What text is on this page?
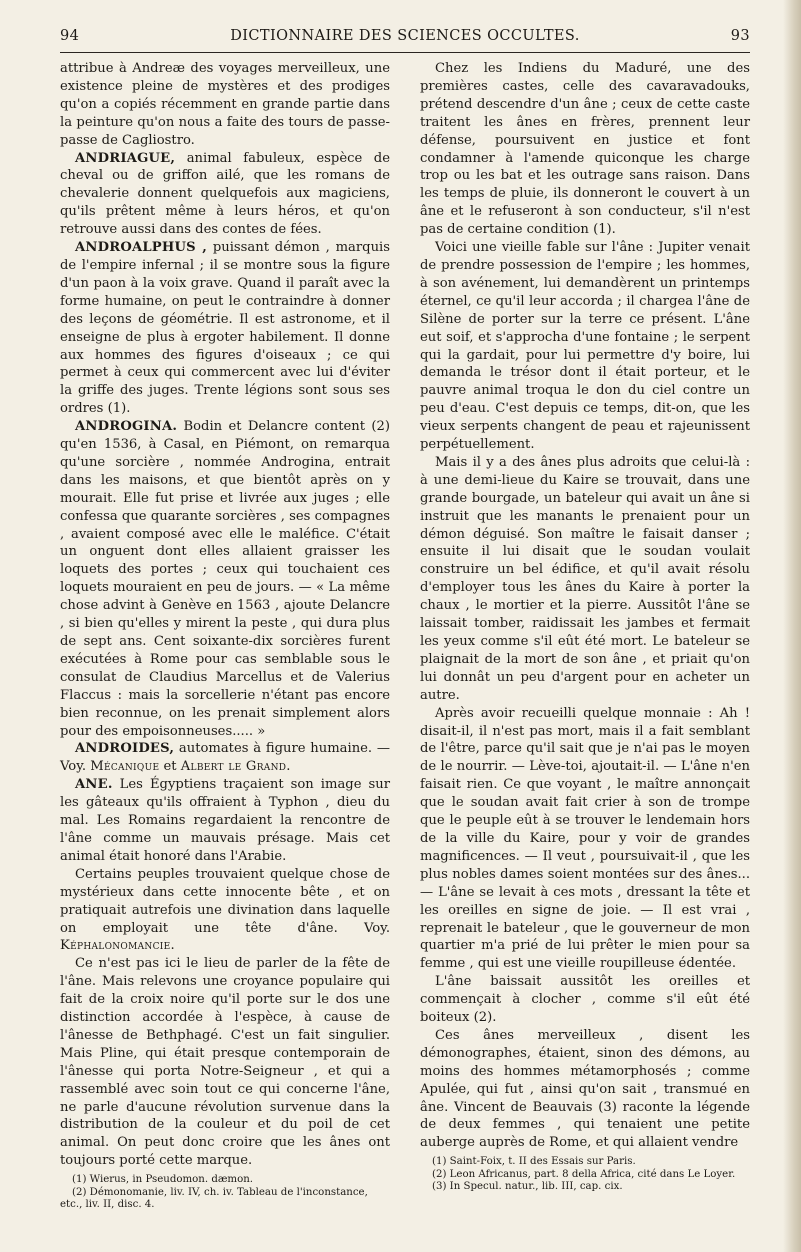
94	DICTIONNAIRE DES SCIENCES OCCULTES.	93

attribue à Andreæ des voyages merveilleux, une existence pleine de mystères et des prodiges qu'on a copiés récemment en grande partie dans la peinture qu'on nous a faite des tours de passe-passe de Cagliostro.

ANDRIAGUE, animal fabuleux, espèce de cheval ou de griffon ailé, que les romans de chevalerie donnent quelquefois aux magiciens, qu'ils prêtent même à leurs héros, et qu'on retrouve aussi dans des contes de fées.

ANDROALPHUS , puissant démon , marquis de l'empire infernal ; il se montre sous la figure d'un paon à la voix grave. Quand il paraît avec la forme humaine, on peut le contraindre à donner des leçons de géométrie. Il est astronome, et il enseigne de plus à ergoter habilement. Il donne aux hommes des figures d'oiseaux ; ce qui permet à ceux qui commercent avec lui d'éviter la griffe des juges. Trente légions sont sous ses ordres (1).

ANDROGINA. Bodin et Delancre content (2) qu'en 1536, à Casal, en Piémont, on remarqua qu'une sorcière , nommée Androgina, entrait dans les maisons, et que bientôt après on y mourait. Elle fut prise et livrée aux juges ; elle confessa que quarante sorcières , ses compagnes , avaient composé avec elle le maléfice. C'était un onguent dont elles allaient graisser les loquets des portes ; ceux qui touchaient ces loquets mouraient en peu de jours. — « La même chose advint à Genève en 1563 , ajoute Delancre , si bien qu'elles y mirent la peste , qui dura plus de sept ans. Cent soixante-dix sorcières furent exécutées à Rome pour cas semblable sous le consulat de Claudius Marcellus et de Valerius Flaccus : mais la sorcellerie n'étant pas encore bien reconnue, on les prenait simplement alors pour des empoisonneuses..... »

ANDROIDES, automates à figure humaine. —Voy. Mécanique et Albert le Grand.

ANE. Les Égyptiens traçaient son image sur les gâteaux qu'ils offraient à Typhon , dieu du mal. Les Romains regardaient la rencontre de l'âne comme un mauvais présage. Mais cet animal était honoré dans l'Arabie.

Certains peuples trouvaient quelque chose de mystérieux dans cette innocente bête , et on pratiquait autrefois une divination dans laquelle on employait une tête d'âne. Voy. Képhalonomancie.

Ce n'est pas ici le lieu de parler de la fête de l'âne. Mais relevons une croyance populaire qui fait de la croix noire qu'il porte sur le dos une distinction accordée à l'espèce, à cause de l'ânesse de Bethphagé. C'est un fait singulier. Mais Pline, qui était presque contemporain de l'ânesse qui porta Notre-Seigneur , et qui a rassemblé avec soin tout ce qui concerne l'âne, ne parle d'aucune révolution survenue dans la distribution de la couleur et du poil de cet animal. On peut donc croire que les ânes ont toujours porté cette marque.

(1) Wierus, in Pseudomon. dæmon.

(2) Démonomanie, liv. IV, ch. iv. Tableau de l'inconstance, etc., liv. II, disc. 4.

Chez les Indiens du Maduré, une des premières castes, celle des cavaravadouks, prétend descendre d'un âne ; ceux de cette caste traitent les ânes en frères, prennent leur défense, poursuivent en justice et font condamner à l'amende quiconque les charge trop ou les bat et les outrage sans raison. Dans les temps de pluie, ils donneront le couvert à un âne et le refuseront à son conducteur, s'il n'est pas de certaine condition (1).

Voici une vieille fable sur l'âne : Jupiter venait de prendre possession de l'empire ; les hommes, à son avénement, lui demandèrent un printemps éternel, ce qu'il leur accorda ; il chargea l'âne de Silène de porter sur la terre ce présent. L'âne eut soif, et s'approcha d'une fontaine ; le serpent qui la gardait, pour lui permettre d'y boire, lui demanda le trésor dont il était porteur, et le pauvre animal troqua le don du ciel contre un peu d'eau. C'est depuis ce temps, dit-on, que les vieux serpents changent de peau et rajeunissent perpétuellement.

Mais il y a des ânes plus adroits que celui-là : à une demi-lieue du Kaire se trouvait, dans une grande bourgade, un bateleur qui avait un âne si instruit que les manants le prenaient pour un démon déguisé. Son maître le faisait danser ; ensuite il lui disait que le soudan voulait construire un bel édifice, et qu'il avait résolu d'employer tous les ânes du Kaire à porter la chaux , le mortier et la pierre. Aussitôt l'âne se laissait tomber, raidissait les jambes et fermait les yeux comme s'il eût été mort. Le bateleur se plaignait de la mort de son âne , et priait qu'on lui donnât un peu d'argent pour en acheter un autre.

Après avoir recueilli quelque monnaie : Ah ! disait-il, il n'est pas mort, mais il a fait semblant de l'être, parce qu'il sait que je n'ai pas le moyen de le nourrir. — Lève-toi, ajoutait-il. — L'âne n'en faisait rien. Ce que voyant , le maître annonçait que le soudan avait fait crier à son de trompe que le peuple eût à se trouver le lendemain hors de la ville du Kaire, pour y voir de grandes magnificences. — Il veut , poursuivait-il , que les plus nobles dames soient montées sur des ânes... — L'âne se levait à ces mots , dressant la tête et les oreilles en signe de joie. — Il est vrai , reprenait le bateleur , que le gouverneur de mon quartier m'a prié de lui prêter le mien pour sa femme , qui est une vieille roupilleuse édentée.

L'âne baissait aussitôt les oreilles et commençait à clocher , comme s'il eût été boiteux (2).

Ces ânes merveilleux , disent les démonographes, étaient, sinon des démons, au moins des hommes métamorphosés ; comme Apulée, qui fut , ainsi qu'on sait , transmué en âne. Vincent de Beauvais (3) raconte la légende de deux femmes , qui tenaient une petite auberge auprès de Rome, et qui allaient vendre

(1) Saint-Foix, t. II des Essais sur Paris.

(2) Leon Africanus, part. 8 della Africa, cité dans Le Loyer.

(3) In Specul. natur., lib. III, cap. cix.
